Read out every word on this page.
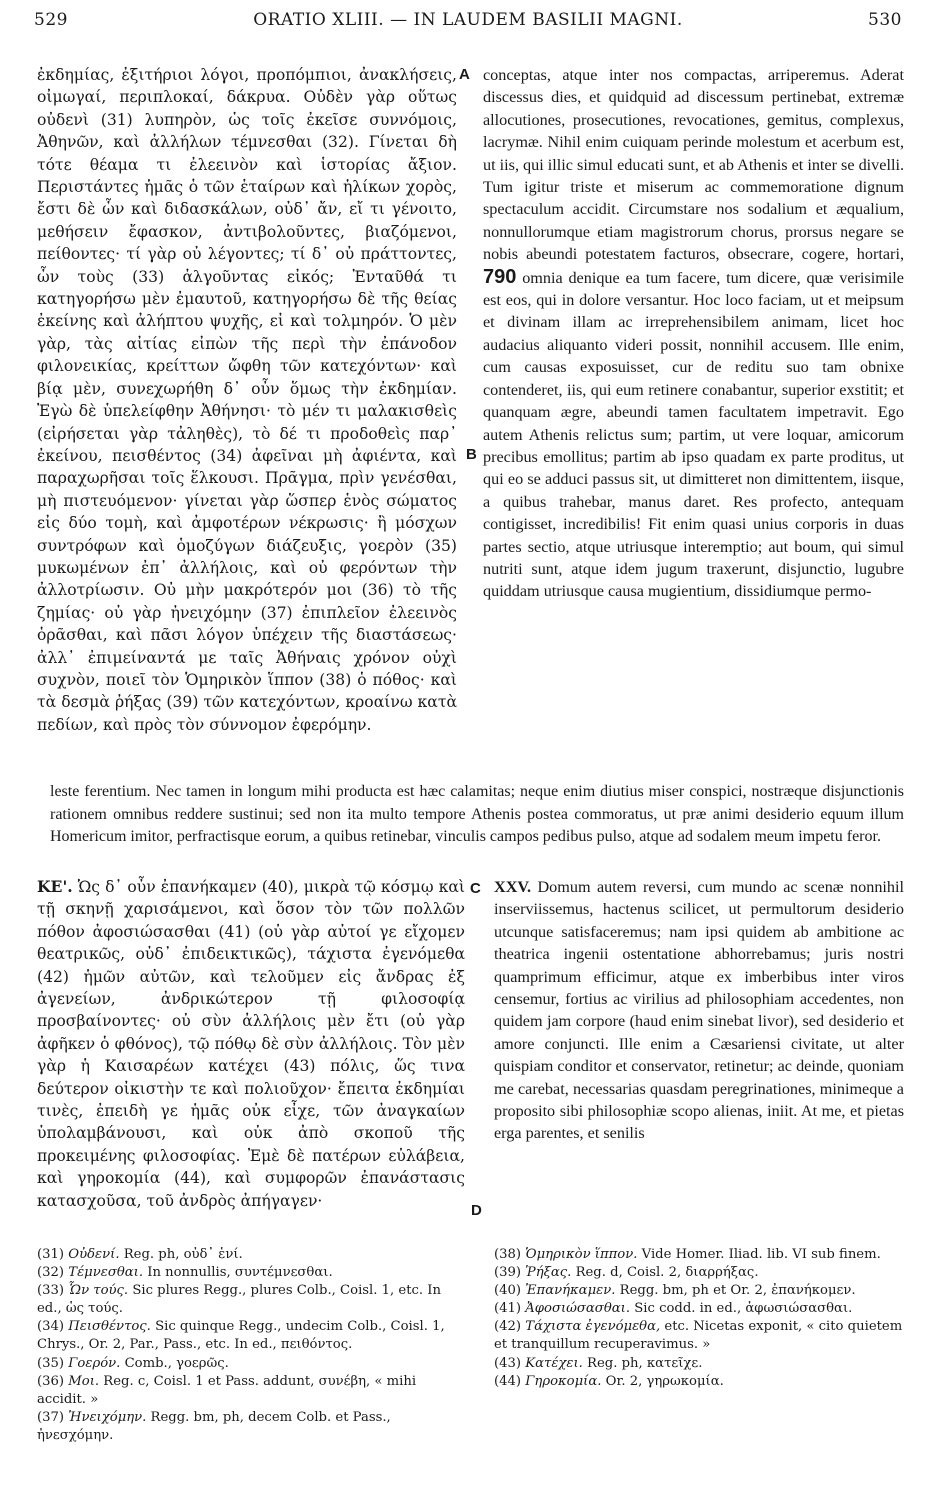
529	ORATIO XLIII. — IN LAUDEM BASILII MAGNI.	530
A
B
C
D

ἐκδημίας, ἐξιτήριοι λόγοι, προπόμπιοι, ἀνακλήσεις, οἰμωγαί, περιπλοκαί, δάκρυα. Οὐδὲν γὰρ οὕτως οὐδενὶ (31) λυπηρὸν, ὡς τοῖς ἐκεῖσε συννόμοις, Ἀθηνῶν, καὶ ἀλλήλων τέμνεσθαι (32). Γίνεται δὴ τότε θέαμα τι ἐλεεινὸν καὶ ἱστορίας ἄξιον. Περιστάντες ἡμᾶς ὁ τῶν ἑταίρων καὶ ἡλίκων χορὸς, ἔστι δὲ ὧν καὶ διδασκάλων, οὐδ᾽ ἄν, εἴ τι γένοιτο, μεθήσειν ἔφασκον, ἀντιβολοῦντες, βιαζόμενοι, πείθοντες· τί γὰρ οὐ λέγοντες; τί δ᾽ οὐ πράττοντες, ὧν τοὺς (33) ἀλγοῦντας εἰκός; Ἐνταῦθά τι κατηγορήσω μὲν ἐμαυτοῦ, κατηγορήσω δὲ τῆς θείας ἐκείνης καὶ ἀλήπτου ψυχῆς, εἰ καὶ τολμηρόν. Ὁ μὲν γὰρ, τὰς αἰτίας εἰπὼν τῆς περὶ τὴν ἐπάνοδον φιλονεικίας, κρείττων ὤφθη τῶν κατεχόντων· καὶ βίᾳ μὲν, συνεχωρήθη δ᾽ οὖν ὅμως τὴν ἐκδημίαν. Ἐγὼ δὲ ὑπελείφθην Ἀθήνησι· τὸ μέν τι μαλακισθεὶς (εἰρήσεται γὰρ τἀληθὲς), τὸ δέ τι προδοθεὶς παρ᾽ ἐκείνου, πεισθέντος (34) ἀφεῖναι μὴ ἀφιέντα, καὶ παραχωρῆσαι τοῖς ἕλκουσι. Πρᾶγμα, πρὶν γενέσθαι, μὴ πιστευόμενον· γίνεται γὰρ ὥσπερ ἑνὸς σώματος εἰς δύο τομὴ, καὶ ἀμφοτέρων νέκρωσις· ἢ μόσχων συντρόφων καὶ ὁμοζύγων διάζευξις, γοερὸν (35) μυκωμένων ἐπ᾽ ἀλλήλοις, καὶ οὐ φερόντων τὴν ἀλλοτρίωσιν. Οὐ μὴν μακρότερόν μοι (36) τὸ τῆς ζημίας· οὐ γὰρ ἠνειχόμην (37) ἐπιπλεῖον ἐλεεινὸς ὁρᾶσθαι, καὶ πᾶσι λόγον ὑπέχειν τῆς διαστάσεως· ἀλλ᾽ ἐπιμείναντά με ταῖς Ἀθήναις χρόνον οὐχὶ συχνὸν, ποιεῖ τὸν Ὁμηρικὸν ἵππον (38) ὁ πόθος· καὶ τὰ δεσμὰ ῥήξας (39) τῶν κατεχόντων, κροαίνω κατὰ πεδίων, καὶ πρὸς τὸν σύννομον ἐφερόμην.

conceptas, atque inter nos compactas, arriperemus. Aderat discessus dies, et quidquid ad discessum pertinebat, extremæ allocutiones, prosecutiones, revocationes, gemitus, complexus, lacrymæ. Nihil enim cuiquam perinde molestum et acerbum est, ut iis, qui illic simul educati sunt, et ab Athenis et inter se divelli. Tum igitur triste et miserum ac commemoratione dignum spectaculum accidit. Circumstare nos sodalium et æqualium, nonnullorumque etiam magistrorum chorus, prorsus negare se nobis abeundi potestatem facturos, obsecrare, cogere, hortari, 790 omnia denique ea tum facere, tum dicere, quæ verisimile est eos, qui in dolore versantur. Hoc loco faciam, ut et meipsum et divinam illam ac irreprehensibilem animam, licet hoc audacius aliquanto videri possit, nonnihil accusem. Ille enim, cum causas exposuisset, cur de reditu suo tam obnixe contenderet, iis, qui eum retinere conabantur, superior exstitit; et quanquam ægre, abeundi tamen facultatem impetravit. Ego autem Athenis relictus sum; partim, ut vere loquar, amicorum precibus emollitus; partim ab ipso quadam ex parte proditus, ut qui eo se adduci passus sit, ut dimitteret non dimittentem, iisque, a quibus trahebar, manus daret. Res profecto, antequam contigisset, incredibilis! Fit enim quasi unius corporis in duas partes sectio, atque utriusque interemptio; aut boum, qui simul nutriti sunt, atque idem jugum traxerunt, disjunctio, lugubre quiddam utriusque causa mugientium, dissidiumque permo-

leste ferentium. Nec tamen in longum mihi producta est hæc calamitas; neque enim diutius miser conspici, nostræque disjunctionis rationem omnibus reddere sustinui; sed non ita multo tempore Athenis postea commoratus, ut præ animi desiderio equum illum Homericum imitor, perfractisque eorum, a quibus retinebar, vinculis campos pedibus pulso, atque ad sodalem meum impetu feror.

ΚΕ'. Ὡς δ᾽ οὖν ἐπανήκαμεν (40), μικρὰ τῷ κόσμῳ καὶ τῇ σκηνῇ χαρισάμενοι, καὶ ὅσον τὸν τῶν πολλῶν πόθον ἀφοσιώσασθαι (41) (οὐ γὰρ αὐτοί γε εἴχομεν θεατρικῶς, οὐδ᾽ ἐπιδεικτικῶς), τάχιστα ἐγενόμεθα (42) ἡμῶν αὐτῶν, καὶ τελοῦμεν εἰς ἄνδρας ἐξ ἀγενείων, ἀνδρικώτερον τῇ φιλοσοφίᾳ προσβαίνοντες· οὐ σὺν ἀλλήλοις μὲν ἔτι (οὐ γὰρ ἀφῆκεν ὁ φθόνος), τῷ πόθῳ δὲ σὺν ἀλλήλοις. Τὸν μὲν γὰρ ἡ Καισαρέων κατέχει (43) πόλις, ὥς τινα δεύτερον οἰκιστὴν τε καὶ πολιοῦχον· ἔπειτα ἐκδημίαι τινὲς, ἐπειδὴ γε ἡμᾶς οὐκ εἶχε, τῶν ἀναγκαίων ὑπολαμβάνουσι, καὶ οὐκ ἀπὸ σκοποῦ τῆς προκειμένης φιλοσοφίας. Ἐμὲ δὲ πατέρων εὐλάβεια, καὶ γηροκομία (44), καὶ συμφορῶν ἐπανάστασις κατασχοῦσα, τοῦ ἀνδρὸς ἀπήγαγεν·

XXV. Domum autem reversi, cum mundo ac scenæ nonnihil inserviissemus, hactenus scilicet, ut permultorum desiderio utcunque satisfaceremus; nam ipsi quidem ab ambitione ac theatrica ingenii ostentatione abhorrebamus; juris nostri quamprimum efficimur, atque ex imberbibus inter viros censemur, fortius ac virilius ad philosophiam accedentes, non quidem jam corpore (haud enim sinebat livor), sed desiderio et amore conjuncti. Ille enim a Cæsariensi civitate, ut alter quispiam conditor et conservator, retinetur; ac deinde, quoniam me carebat, necessarias quasdam peregrinationes, minimeque a proposito sibi philosophiæ scopo alienas, iniit. At me, et pietas erga parentes, et senilis

(31) Οὐδενί. Reg. ph, οὐδ᾽ ἑνί.
(32) Τέμνεσθαι. In nonnullis, συντέμνεσθαι.
(33) Ὧν τούς. Sic plures Regg., plures Colb., Coisl. 1, etc. In ed., ὡς τούς.
(34) Πεισθέντος. Sic quinque Regg., undecim Colb., Coisl. 1, Chrys., Or. 2, Par., Pass., etc. In ed., πειθόντος.
(35) Γοερόν. Comb., γοερῶς.
(36) Μοι. Reg. c, Coisl. 1 et Pass. addunt, συνέβη, « mihi accidit. »
(37) Ἠνειχόμην. Regg. bm, ph, decem Colb. et Pass., ἠνεσχόμην.
(38) Ὁμηρικὸν ἵππον. Vide Homer. Iliad. lib. VI sub finem.
(39) Ῥήξας. Reg. d, Coisl. 2, διαρρήξας.
(40) Ἐπανήκαμεν. Regg. bm, ph et Or. 2, ἐπανήκομεν.
(41) Ἀφοσιώσασθαι. Sic codd. in ed., ἀφωσιώσασθαι.
(42) Τάχιστα ἐγενόμεθα, etc. Nicetas exponit, « cito quietem et tranquillum recuperavimus. »
(43) Κατέχει. Reg. ph, κατεῖχε.
(44) Γηροκομία. Or. 2, γηρωκομία.
